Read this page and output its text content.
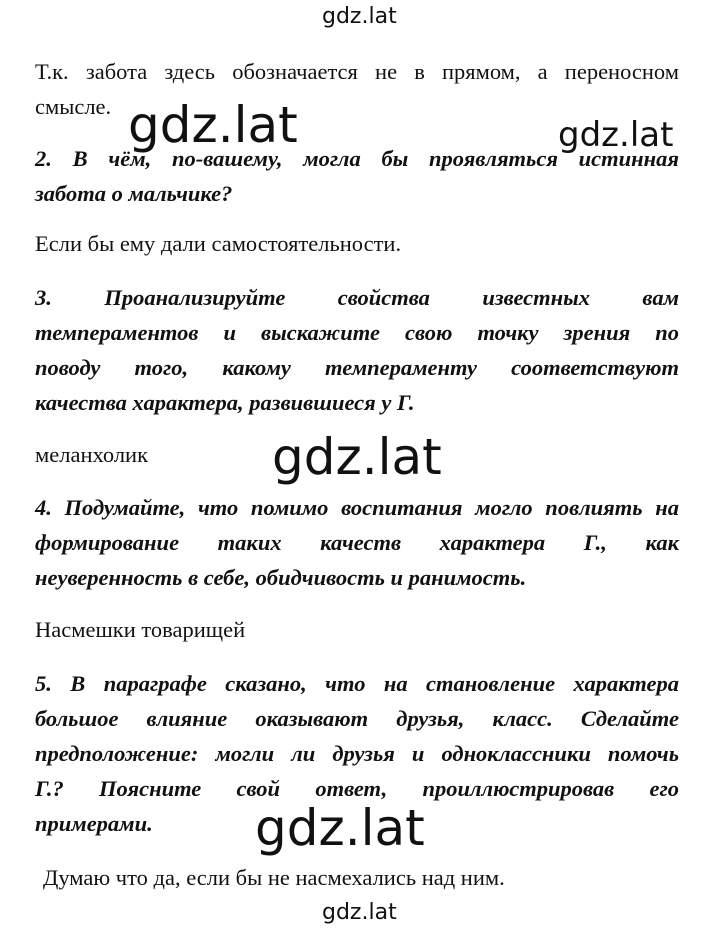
gdz.lat
Т.к. забота здесь обозначается не в прямом, а переносном
смысле. gdz.lat	gdz.lat
2. В чём, по-вашему, могла бы проявляться истинная
забота о мальчике?
Если бы ему дали самостоятельности.
3. Проанализируйте свойства известных вам
темпераментов и выскажите свою точку зрения по
поводу того, какому темпераменту соответствуют
качества характера, развившиеся у Г.
меланхолик gdz.lat
4. Подумайте, что помимо воспитания могло повлиять на
формирование таких качеств характера Г., как
неуверенность в себе, обидчивость и ранимость.
Насмешки товарищей
5. В параграфе сказано, что на становление характера
большое влияние оказывают друзья, класс. Сделайте
предположение: могли ли друзья и одноклассники помочь
Г.? Поясните свой ответ, проиллюстрировав его
примерами.	gdz.lat
Думаю что да, если бы не насмехались над ним.
gdz.lat
